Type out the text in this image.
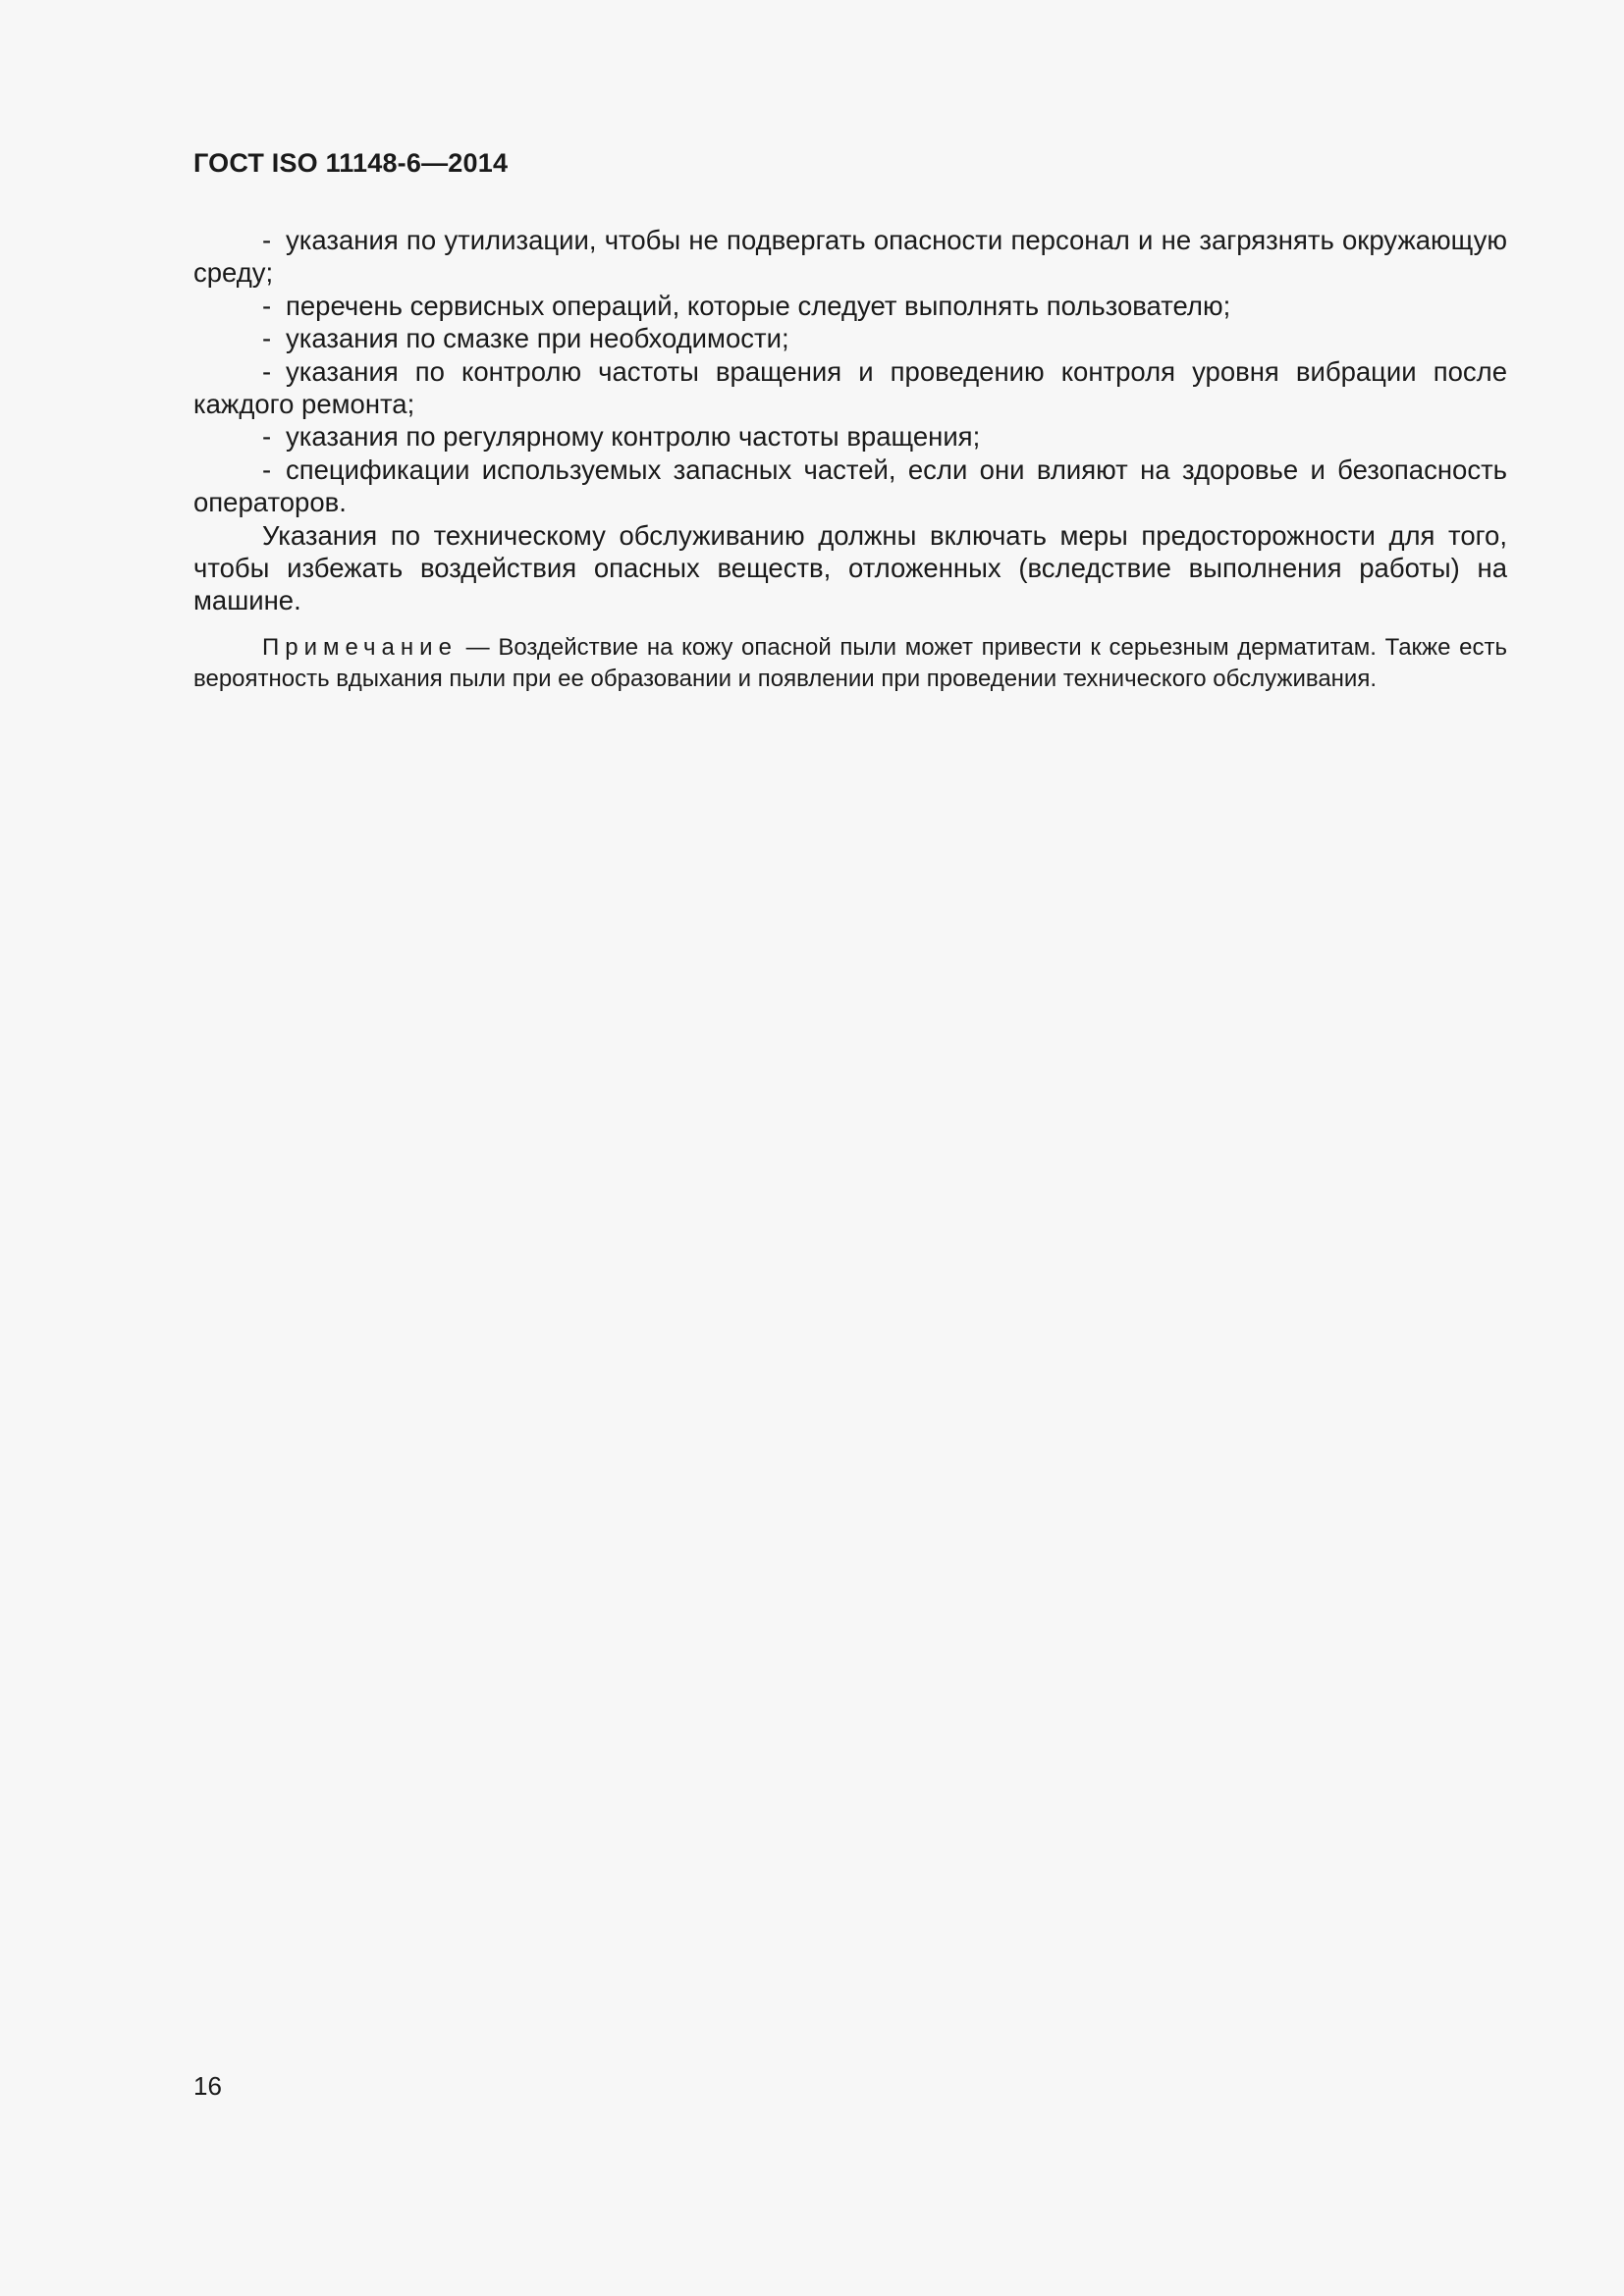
ГОСТ ISO 11148-6—2014

- указания по утилизации, чтобы не подвергать опасности персонал и не загрязнять окружающую среду;

- перечень сервисных операций, которые следует выполнять пользователю;

- указания по смазке при необходимости;

- указания по контролю частоты вращения и проведению контроля уровня вибрации после каждого ремонта;

- указания по регулярному контролю частоты вращения;

- спецификации используемых запасных частей, если они влияют на здоровье и безопасность операторов.

Указания по техническому обслуживанию должны включать меры предосторожности для того, чтобы избежать воздействия опасных веществ, отложенных (вследствие выполнения работы) на машине.

Примечание — Воздействие на кожу опасной пыли может привести к серьезным дерматитам. Также есть вероятность вдыхания пыли при ее образовании и появлении при проведении технического обслуживания.

16
